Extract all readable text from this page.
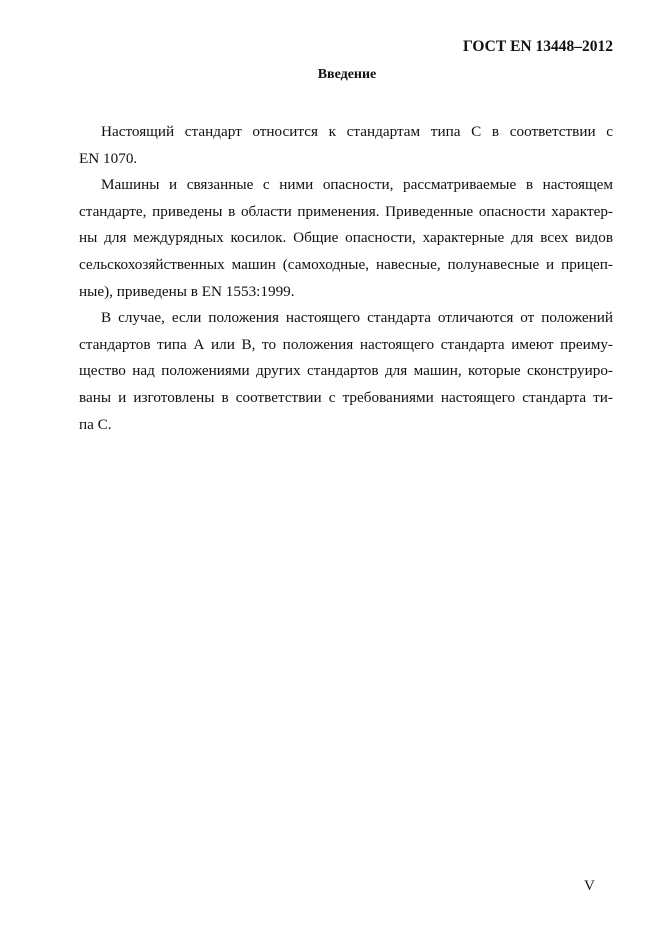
ГОСТ EN 13448–2012
Введение
Настоящий стандарт относится к стандартам типа С в соответствии с
EN 1070.
Машины и связанные с ними опасности, рассматриваемые в настоящем
стандарте, приведены в области применения. Приведенные опасности характер-
ны для междурядных косилок. Общие опасности, характерные для всех видов
сельскохозяйственных машин (самоходные, навесные, полунавесные и прицеп-
ные), приведены в EN 1553:1999.
В случае, если положения настоящего стандарта отличаются от положений
стандартов типа А или В, то положения настоящего стандарта имеют преиму-
щество над положениями других стандартов для машин, которые сконструиро-
ваны и изготовлены в соответствии с требованиями настоящего стандарта ти-
па С.
V
